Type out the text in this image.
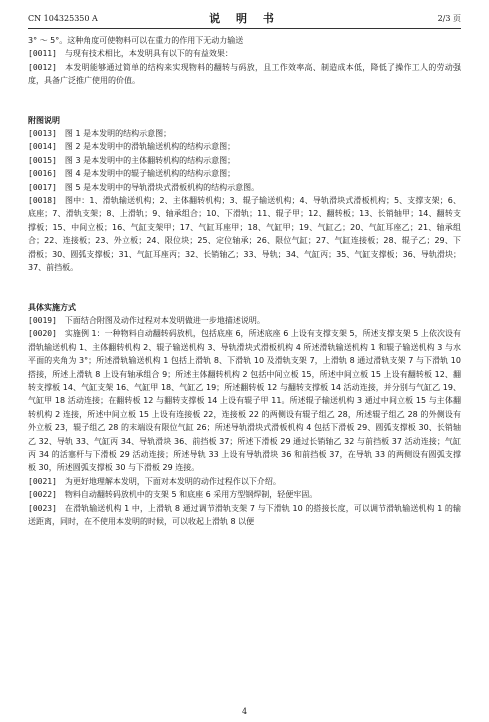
CN 104325350 A	说 明 书	2/3 页

3° ～ 5°。这种角度可使物料可以在重力的作用下无动力输送

[0011] 与现有技术相比，本发明具有以下的有益效果：

[0012] 本发明能够通过简单的结构来实现物料的翻转与码放，且工作效率高、制造成本低，降低了操作工人的劳动强度，具备广泛推广使用的价值。

附图说明

[0013] 图 1 是本发明的结构示意图；

[0014] 图 2 是本发明中的滑轨输送机构的结构示意图；

[0015] 图 3 是本发明中的主体翻转机构的结构示意图；

[0016] 图 4 是本发明中的辊子输送机构的结构示意图；

[0017] 图 5 是本发明中的导轨滑块式滑板机构的结构示意图。

[0018] 图中：1、滑轨输送机构；2、主体翻转机构；3、辊子输送机构；4、导轨滑块式滑板机构；5、支撑支架；6、底座；7、滑轨支架；8、上滑轨；9、轴承组合；10、下滑轨；11、辊子甲；12、翻转板；13、长销轴甲；14、翻转支撑板；15、中间立板；16、气缸支架甲；17、气缸耳座甲；18、气缸甲；19、气缸乙；20、气缸耳座乙；21、轴承组合；22、连接板；23、外立板；24、限位块；25、定位轴承；26、限位气缸；27、气缸连接板；28、辊子乙；29、下滑板；30、圆弧支撑板；31、气缸耳座丙；32、长销轴乙；33、导轨；34、气缸丙；35、气缸支撑板；36、导轨滑块；37、前挡板。

具体实施方式

[0019] 下面结合附图及动作过程对本发明做进一步地描述说明。

[0020] 实施例 1：一种物料自动翻转码放机，包括底座 6，所述底座 6 上设有支撑支架 5，所述支撑支架 5 上依次设有滑轨输送机构 1、主体翻转机构 2、辊子输送机构 3、导轨滑块式滑板机构 4 所述滑轨输送机构 1 和辊子输送机构 3 与水平面的夹角为 3°；所述滑轨输送机构 1 包括上滑轨 8、下滑轨 10 及滑轨支架 7，上滑轨 8 通过滑轨支架 7 与下滑轨 10 搭接，所述上滑轨 8 上设有轴承组合 9；所述主体翻转机构 2 包括中间立板 15，所述中间立板 15 上设有翻转板 12、翻转支撑板 14、气缸支架 16、气缸甲 18、气缸乙 19；所述翻转板 12 与翻转支撑板 14 活动连接，并分别与气缸乙 19、气缸甲 18 活动连接；在翻转板 12 与翻转支撑板 14 上设有辊子甲 11。所述辊子输送机构 3 通过中间立板 15 与主体翻转机构 2 连接，所述中间立板 15 上设有连接板 22，连接板 22 的两侧设有辊子组乙 28，所述辊子组乙 28 的外侧设有外立板 23，辊子组乙 28 的末端设有限位气缸 26；所述导轨滑块式滑板机构 4 包括下滑板 29、圆弧支撑板 30、长销轴乙 32、导轨 33、气缸丙 34、导轨滑块 36、前挡板 37；所述下滑板 29 通过长销轴乙 32 与前挡板 37 活动连接；气缸丙 34 的活塞杆与下滑板 29 活动连接；所述导轨 33 上设有导轨滑块 36 和前挡板 37，在导轨 33 的两侧设有圆弧支撑板 30，所述圆弧支撑板 30 与下滑板 29 连接。

[0021] 为更好地理解本发明，下面对本发明的动作过程作以下介绍。

[0022] 物料自动翻转码放机中的支架 5 和底座 6 采用方型钢焊制，轻便牢固。

[0023] 在滑轨输送机构 1 中，上滑轨 8 通过调节滑轨支架 7 与下滑轨 10 的搭接长度，可以调节滑轨输送机构 1 的输送距离，同时，在不使用本发明的时候，可以收起上滑轨 8 以便

4
